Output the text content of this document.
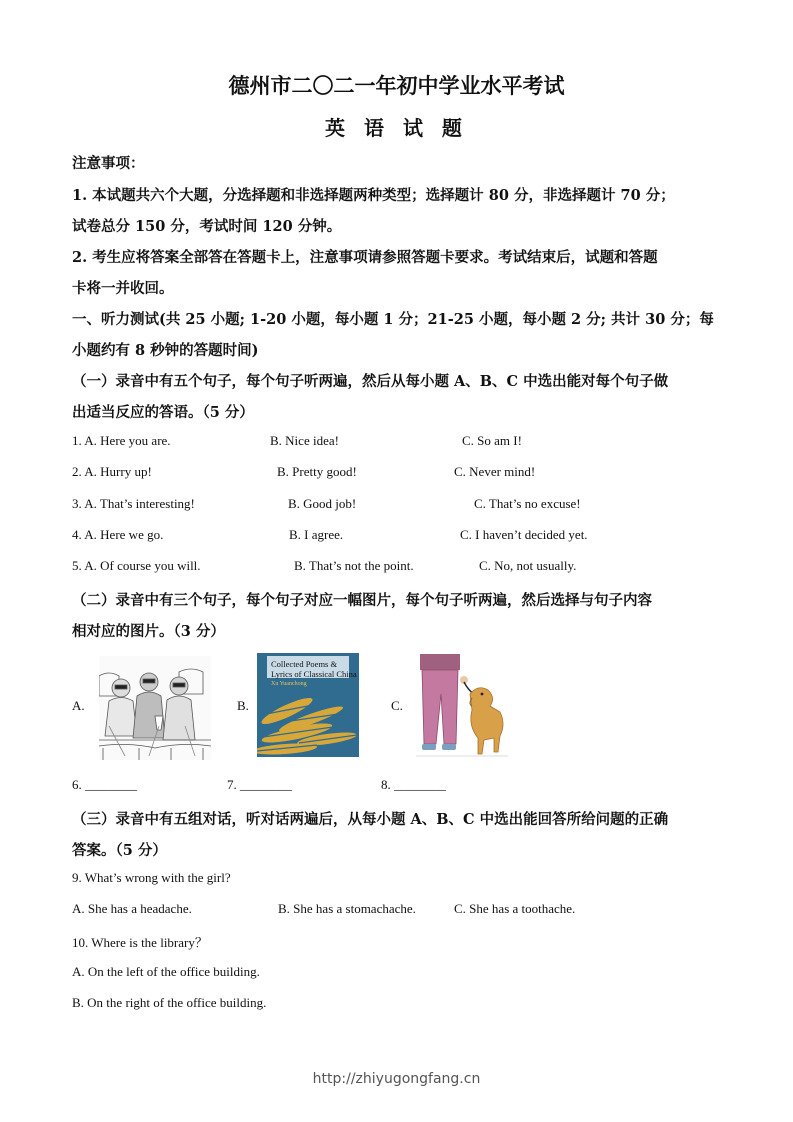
德州市二〇二一年初中学业水平考试
英 语 试 题
注意事项：
1. 本试题共六个大题，分选择题和非选择题两种类型；选择题计 80 分，非选择题计 70 分；
试卷总分 150 分，考试时间 120 分钟。
2. 考生应将答案全部答在答题卡上，注意事项请参照答题卡要求。考试结束后，试题和答题
卡将一并收回。
一、听力测试(共 25 小题; 1-20 小题，每小题 1 分；21-25 小题，每小题 2 分; 共计 30 分；每
小题约有 8 秒钟的答题时间)
（一）录音中有五个句子，每个句子听两遍，然后从每小题 A、B、C 中选出能对每个句子做
出适当反应的答语。（5 分）
1. A. Here you are.	B. Nice idea!	C. So am I!
2. A. Hurry up!	B. Pretty good!	C. Never mind!
3. A. That’s interesting!	B. Good job!	C. That’s no excuse!
4. A. Here we go.	B. I agree.	C. I haven’t decided yet.
5. A. Of course you will.	B. That’s not the point.	C. No, not usually.
（二）录音中有三个句子，每个句子对应一幅图片，每个句子听两遍，然后选择与句子内容
相对应的图片。（3 分）
A.	B.	C.
Collected Poems & Lyrics of Classical China
Xu Yuanchong
6. ________	7. ________	8. ________
（三）录音中有五组对话，听对话两遍后，从每小题 A、B、C 中选出能回答所给问题的正确
答案。（5 分）
9. What’s wrong with the girl?
A. She has a headache.	B. She has a stomachache.	C. She has a toothache.
10. Where is the library？
A. On the left of the office building.
B. On the right of the office building.
http://zhiyugongfang.cn
